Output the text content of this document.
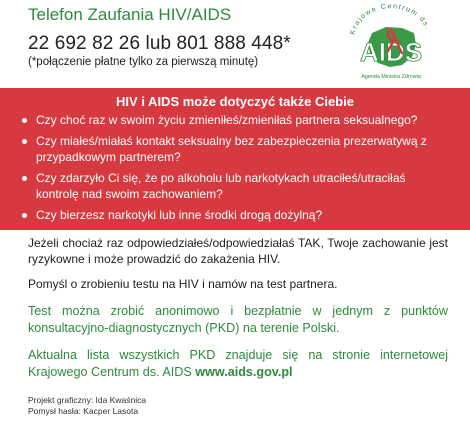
Telefon Zaufania HIV/AIDS
22 692 82 26 lub 801 888 448*
(*połączenie płatne tylko za pierwszą minutę)
Krajowe Centrum ds.
AIDS
Agenda Ministra Zdrowia
HIV i AIDS może dotyczyć także Ciebie
Czy choć raz w swoim życiu zmieniłeś/zmieniłaś partnera seksualnego?
Czy miałeś/miałaś kontakt seksualny bez zabezpieczenia prezerwatywą z przypadkowym partnerem?
Czy zdarzyło Ci się, że po alkoholu lub narkotykach utraciłeś/utraciłaś kontrolę nad swoim zachowaniem?
Czy bierzesz narkotyki lub inne środki drogą dożylną?

Jeżeli chociaż raz odpowiedziałeś/odpowiedziałaś TAK, Twoje zachowanie jest ryzykowne i może prowadzić do zakażenia HIV.

Pomyśl o zrobieniu testu na HIV i namów na test partnera.

Test można zrobić anonimowo i bezpłatnie w jednym z punktów konsultacyjno-diagnostycznych (PKD) na terenie Polski.

Aktualna lista wszystkich PKD znajduje się na stronie internetowej Krajowego Centrum ds. AIDS www.aids.gov.pl

Projekt graficzny: Ida Kwaśnica
Pomysł hasła: Kacper Lasota
